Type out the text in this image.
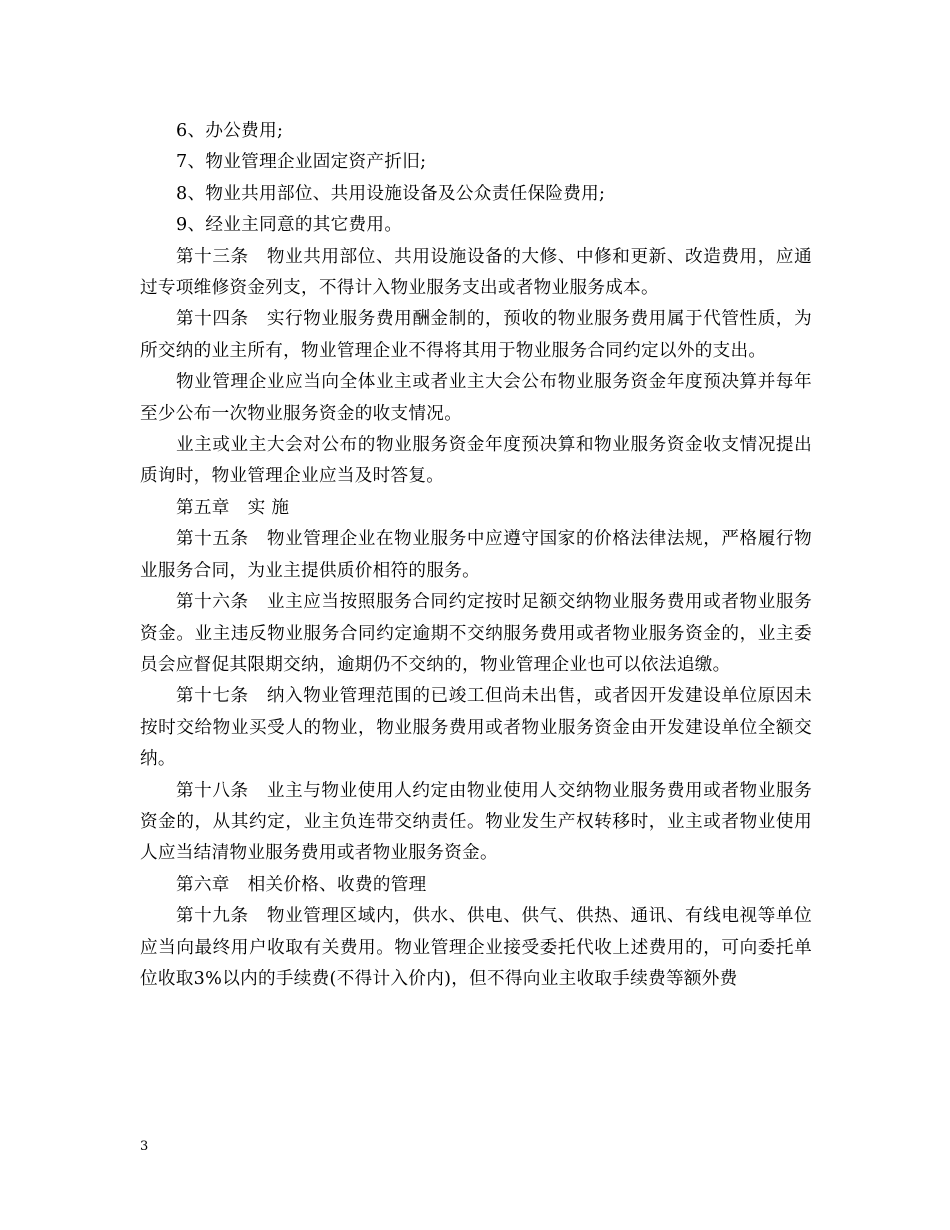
6、办公费用;

7、物业管理企业固定资产折旧;

8、物业共用部位、共用设施设备及公众责任保险费用;

9、经业主同意的其它费用。

第十三条　物业共用部位、共用设施设备的大修、中修和更新、改造费用，应通过专项维修资金列支，不得计入物业服务支出或者物业服务成本。

第十四条　实行物业服务费用酬金制的，预收的物业服务费用属于代管性质，为所交纳的业主所有，物业管理企业不得将其用于物业服务合同约定以外的支出。

物业管理企业应当向全体业主或者业主大会公布物业服务资金年度预决算并每年至少公布一次物业服务资金的收支情况。

业主或业主大会对公布的物业服务资金年度预决算和物业服务资金收支情况提出质询时，物业管理企业应当及时答复。

第五章　实 施

第十五条　物业管理企业在物业服务中应遵守国家的价格法律法规，严格履行物业服务合同，为业主提供质价相符的服务。

第十六条　业主应当按照服务合同约定按时足额交纳物业服务费用或者物业服务资金。业主违反物业服务合同约定逾期不交纳服务费用或者物业服务资金的，业主委员会应督促其限期交纳，逾期仍不交纳的，物业管理企业也可以依法追缴。

第十七条　纳入物业管理范围的已竣工但尚未出售，或者因开发建设单位原因未按时交给物业买受人的物业，物业服务费用或者物业服务资金由开发建设单位全额交纳。

第十八条　业主与物业使用人约定由物业使用人交纳物业服务费用或者物业服务资金的，从其约定，业主负连带交纳责任。物业发生产权转移时，业主或者物业使用人应当结清物业服务费用或者物业服务资金。

第六章　相关价格、收费的管理

第十九条　物业管理区域内，供水、供电、供气、供热、通讯、有线电视等单位应当向最终用户收取有关费用。物业管理企业接受委托代收上述费用的，可向委托单位收取3%以内的手续费(不得计入价内)，但不得向业主收取手续费等额外费

3
